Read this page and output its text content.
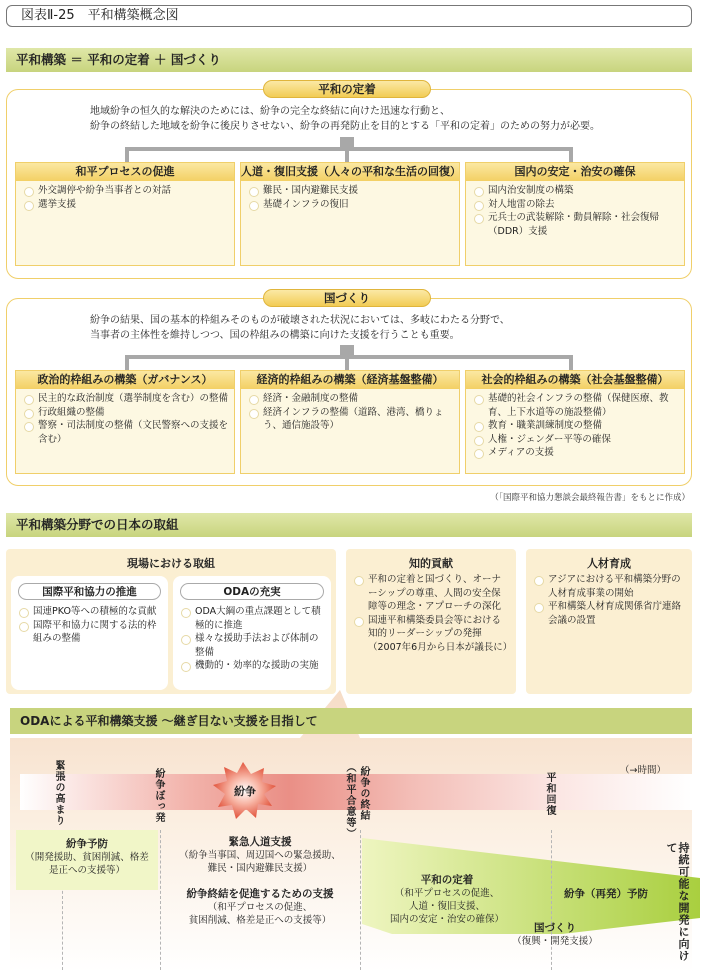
図表Ⅱ-25　平和構築概念図
平和構築 ＝ 平和の定着 ＋ 国づくり
平和の定着
地域紛争の恒久的な解決のためには、紛争の完全な終結に向けた迅速な行動と、
紛争の終結した地域を紛争に後戻りさせない、紛争の再発防止を目的とする「平和の定着」のための努力が必要。
和平プロセスの促進
外交調停や紛争当事者との対話
選挙支援
人道・復旧支援（人々の平和な生活の回復）
難民・国内避難民支援
基礎インフラの復旧
国内の安定・治安の確保
国内治安制度の構築
対人地雷の除去
元兵士の武装解除・動員解除・社会復帰（DDR）支援
国づくり
紛争の結果、国の基本的枠組みそのものが破壊された状況においては、多岐にわたる分野で、
当事者の主体性を維持しつつ、国の枠組みの構築に向けた支援を行うことも重要。
政治的枠組みの構築（ガバナンス）
民主的な政治制度（選挙制度を含む）の整備
行政組織の整備
警察・司法制度の整備（文民警察への支援を含む）
経済的枠組みの構築（経済基盤整備）
経済・金融制度の整備
経済インフラの整備（道路、港湾、橋りょう、通信施設等）
社会的枠組みの構築（社会基盤整備）
基礎的社会インフラの整備（保健医療、教育、上下水道等の施設整備）
教育・職業訓練制度の整備
人権・ジェンダー平等の確保
メディアの支援
（「国際平和協力懇談会最終報告書」をもとに作成）
平和構築分野での日本の取組
現場における取組
国際平和協力の推進
国連PKO等への積極的な貢献
国際平和協力に関する法的枠組みの整備
ODAの充実
ODA大綱の重点課題として積極的に推進
様々な援助手法および体制の整備
機動的・効率的な援助の実施
知的貢献
平和の定着と国づくり、オーナーシップの尊重、人間の安全保障等の理念・アプローチの深化
国連平和構築委員会等における知的リーダーシップの発揮（2007年6月から日本が議長に）
人材育成
アジアにおける平和構築分野の人材育成事業の開始
平和構築人材育成関係省庁連絡会議の設置
ODAによる平和構築支援 ～継ぎ目ない支援を目指して
（→時間）
紛争
緊張の高まり	紛争ぼっ発	紛争の終結
（和平合意等）	平和回復
紛争予防
（開発援助、貧困削減、格差是正への支援等）
緊急人道支援
（紛争当事国、周辺国への緊急援助、
難民・国内避難民支援）
紛争終結を促進するための支援
（和平プロセスの促進、
貧困削減、格差是正への支援等）
平和の定着
（和平プロセスの促進、
人道・復旧支援、
国内の安定・治安の確保）
紛争（再発）予防
国づくり
（復興・開発支援）	持続可能な開発に向けて
